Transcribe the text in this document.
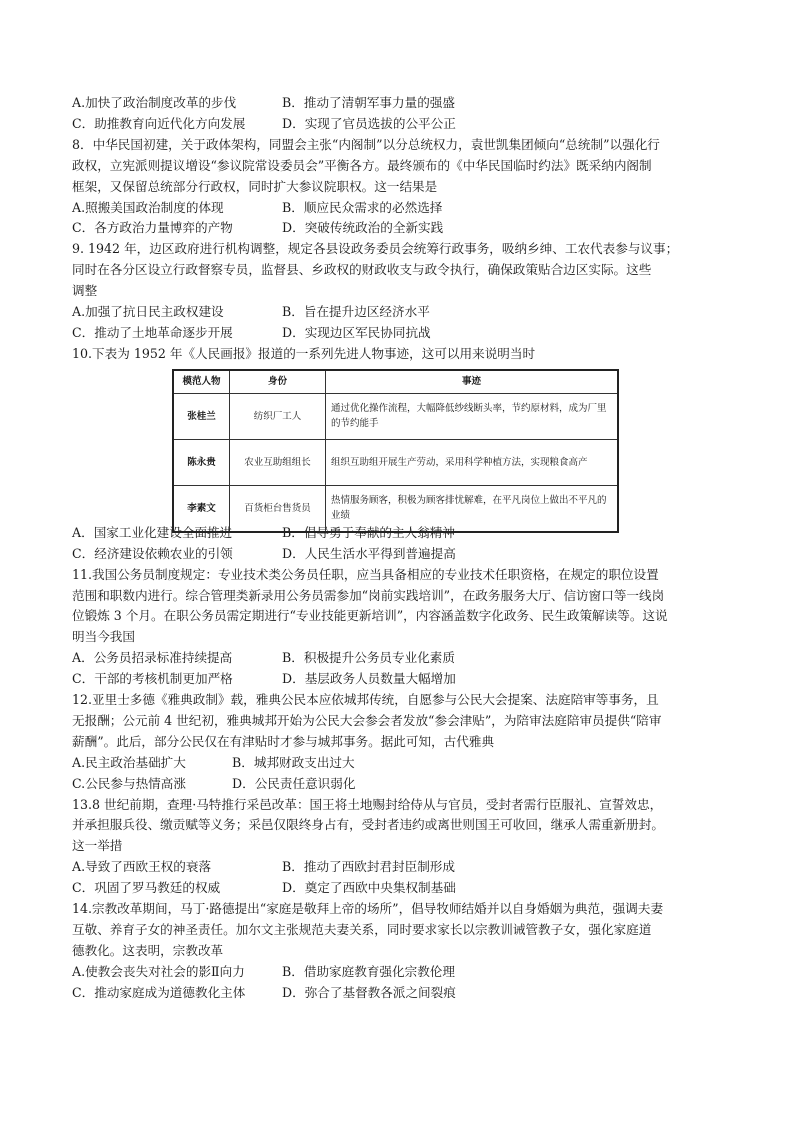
A.加快了政治制度改革的步伐	B．推动了清朝军事力量的强盛
C．助推教育向近代化方向发展	D．实现了官员选拔的公平公正
8．中华民国初建，关于政体架构，同盟会主张“内阁制”以分总统权力，袁世凯集团倾向“总统制”以强化行
政权，立宪派则提议增设“参议院常设委员会”平衡各方。最终颁布的《中华民国临时约法》既采纳内阁制
框架，又保留总统部分行政权，同时扩大参议院职权。这一结果是
A.照搬美国政治制度的体现	B．顺应民众需求的必然选择
C．各方政治力量博弈的产物	D．突破传统政治的全新实践
9. 1942 年，边区政府进行机构调整，规定各县设政务委员会统筹行政事务，吸纳乡绅、工农代表参与议事；
同时在各分区设立行政督察专员，监督县、乡政权的财政收支与政令执行，确保政策贴合边区实际。这些
调整
A.加强了抗日民主政权建设	B．旨在提升边区经济水平
C．推动了土地革命逐步开展	D．实现边区军民协同抗战
10.下表为 1952 年《人民画报》报道的一系列先进人物事迹，这可以用来说明当时
模范人物	身份	事迹
张桂兰	纺织厂工人	通过优化操作流程，大幅降低纱线断头率，节约原材料，成为厂里的节约能手
陈永贵	农业互助组组长	组织互助组开展生产劳动，采用科学种植方法，实现粮食高产
李素文	百货柜台售货员	热情服务顾客，积极为顾客排忧解难，在平凡岗位上做出不平凡的业绩
A．国家工业化建设全面推进	B．倡导勇于奉献的主人翁精神
C．经济建设依赖农业的引领	D．人民生活水平得到普遍提高
11.我国公务员制度规定：专业技术类公务员任职，应当具备相应的专业技术任职资格，在规定的职位设置
范围和职数内进行。综合管理类新录用公务员需参加“岗前实践培训”，在政务服务大厅、信访窗口等一线岗
位锻炼 3 个月。在职公务员需定期进行“专业技能更新培训”，内容涵盖数字化政务、民生政策解读等。这说
明当今我国
A．公务员招录标准持续提高	B．积极提升公务员专业化素质
C．干部的考核机制更加严格	D．基层政务人员数量大幅增加
12.亚里士多德《雅典政制》载，雅典公民本应依城邦传统，自愿参与公民大会提案、法庭陪审等事务，且
无报酬；公元前 4 世纪初，雅典城邦开始为公民大会参会者发放“参会津贴”，为陪审法庭陪审员提供“陪审
薪酬”。此后，部分公民仅在有津贴时才参与城邦事务。据此可知，古代雅典
A.民主政治基础扩大	B．城邦财政支出过大
C.公民参与热情高涨	D．公民责任意识弱化
13.8 世纪前期，查理·马特推行采邑改革：国王将土地赐封给侍从与官员，受封者需行臣服礼、宣誓效忠，
并承担服兵役、缴贡赋等义务；采邑仅限终身占有，受封者违约或离世则国王可收回，继承人需重新册封。
这一举措
A.导致了西欧王权的衰落	B．推动了西欧封君封臣制形成
C．巩固了罗马教廷的权威	D．奠定了西欧中央集权制基础
14.宗教改革期间，马丁·路德提出“家庭是敬拜上帝的场所”，倡导牧师结婚并以自身婚姻为典范，强调夫妻
互敬、养育子女的神圣责任。加尔文主张规范夫妻关系，同时要求家长以宗教训诫管教子女，强化家庭道
德教化。这表明，宗教改革
A.使教会丧失对社会的影Ⅱ向力	B．借助家庭教育强化宗教伦理
C．推动家庭成为道德教化主体	D．弥合了基督教各派之间裂痕
